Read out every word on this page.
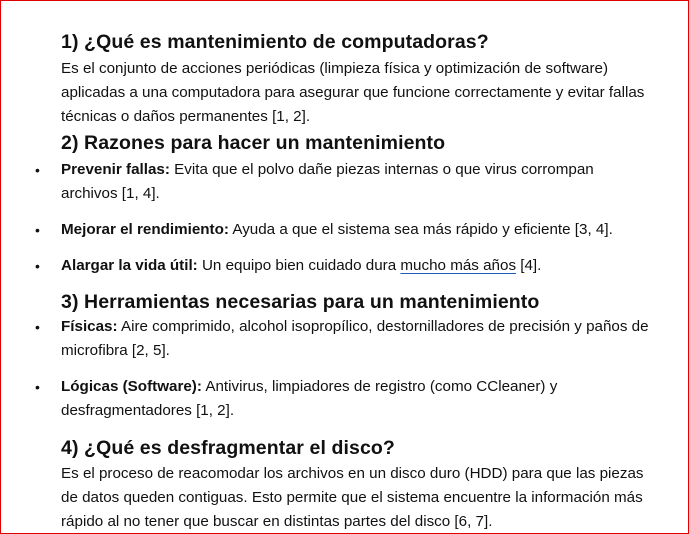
1) ¿Qué es mantenimiento de computadoras?

Es el conjunto de acciones periódicas (limpieza física y optimización de software) aplicadas a una computadora para asegurar que funcione correctamente y evitar fallas técnicas o daños permanentes [1, 2].

2) Razones para hacer un mantenimiento
• Prevenir fallas: Evita que el polvo dañe piezas internas o que virus corrompan archivos [1, 4].
• Mejorar el rendimiento: Ayuda a que el sistema sea más rápido y eficiente [3, 4].
• Alargar la vida útil: Un equipo bien cuidado dura mucho más años [4].
3) Herramientas necesarias para un mantenimiento
• Físicas: Aire comprimido, alcohol isopropílico, destornilladores de precisión y paños de microfibra [2, 5].
• Lógicas (Software): Antivirus, limpiadores de registro (como CCleaner) y desfragmentadores [1, 2].
4) ¿Qué es desfragmentar el disco?

Es el proceso de reacomodar los archivos en un disco duro (HDD) para que las piezas de datos queden contiguas. Esto permite que el sistema encuentre la información más rápido al no tener que buscar en distintas partes del disco [6, 7].
